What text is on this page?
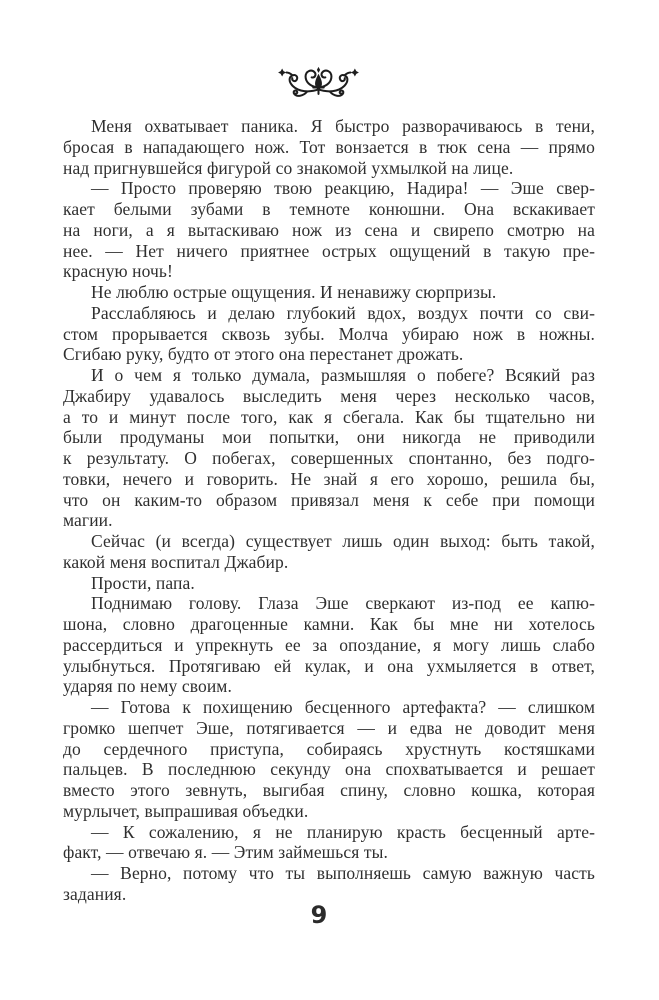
Меня охватывает паника. Я быстро разворачиваюсь в тени,
бросая в нападающего нож. Тот вонзается в тюк сена — прямо
над пригнувшейся фигурой со знакомой ухмылкой на лице.

— Просто проверяю твою реакцию, Надира! — Эше свер-
кает белыми зубами в темноте конюшни. Она вскакивает
на ноги, а я вытаскиваю нож из сена и свирепо смотрю на
нее. — Нет ничего приятнее острых ощущений в такую пре-
красную ночь!

Не люблю острые ощущения. И ненавижу сюрпризы.

Расслабляюсь и делаю глубокий вдох, воздух почти со сви-
стом прорывается сквозь зубы. Молча убираю нож в ножны.
Сгибаю руку, будто от этого она перестанет дрожать.

И о чем я только думала, размышляя о побеге? Всякий раз
Джабиру удавалось выследить меня через несколько часов,
а то и минут после того, как я сбегала. Как бы тщательно ни
были продуманы мои попытки, они никогда не приводили
к результату. О побегах, совершенных спонтанно, без подго-
товки, нечего и говорить. Не знай я его хорошо, решила бы,
что он каким-то образом привязал меня к себе при помощи
магии.

Сейчас (и всегда) существует лишь один выход: быть такой,
какой меня воспитал Джабир.

Прости, папа.

Поднимаю голову. Глаза Эше сверкают из-под ее капю-
шона, словно драгоценные камни. Как бы мне ни хотелось
рассердиться и упрекнуть ее за опоздание, я могу лишь слабо
улыбнуться. Протягиваю ей кулак, и она ухмыляется в ответ,
ударяя по нему своим.

— Готова к похищению бесценного артефакта? — слишком
громко шепчет Эше, потягивается — и едва не доводит меня
до сердечного приступа, собираясь хрустнуть костяшками
пальцев. В последнюю секунду она спохватывается и решает
вместо этого зевнуть, выгибая спину, словно кошка, которая
мурлычет, выпрашивая объедки.

— К сожалению, я не планирую красть бесценный арте-
факт, — отвечаю я. — Этим займешься ты.

— Верно, потому что ты выполняешь самую важную часть
задания.

9
